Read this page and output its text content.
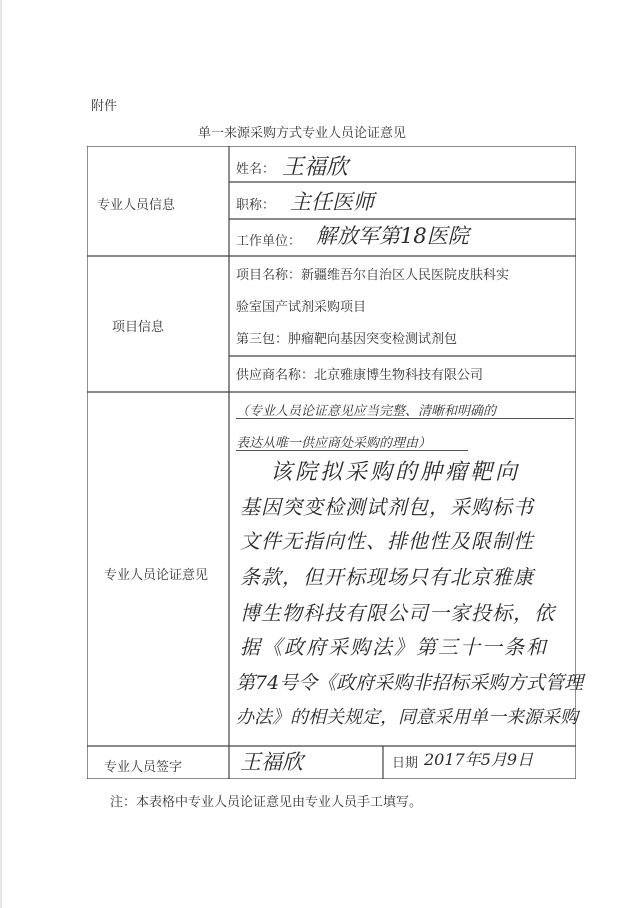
附件
单一来源采购方式专业人员论证意见
专业人员信息
姓名： 王福欣
职称： 主任医师
工作单位： 解放军第18医院
项目信息
项目名称：新疆维吾尔自治区人民医院皮肤科实
验室国产试剂采购项目
第三包：肿瘤靶向基因突变检测试剂包
供应商名称：北京雅康博生物科技有限公司
专业人员论证意见
（专业人员论证意见应当完整、清晰和明确的
表达从唯一供应商处采购的理由）
该院拟采购的肿瘤靶向
基因突变检测试剂包，采购标书
文件无指向性、排他性及限制性
条款，但开标现场只有北京雅康
博生物科技有限公司一家投标，依
据《政府采购法》第三十一条和
第74号令《政府采购非招标采购方式管理
办法》的相关规定，同意采用单一来源采购
专业人员签字	王福欣	日期 2017年5月9日
注：本表格中专业人员论证意见由专业人员手工填写。
